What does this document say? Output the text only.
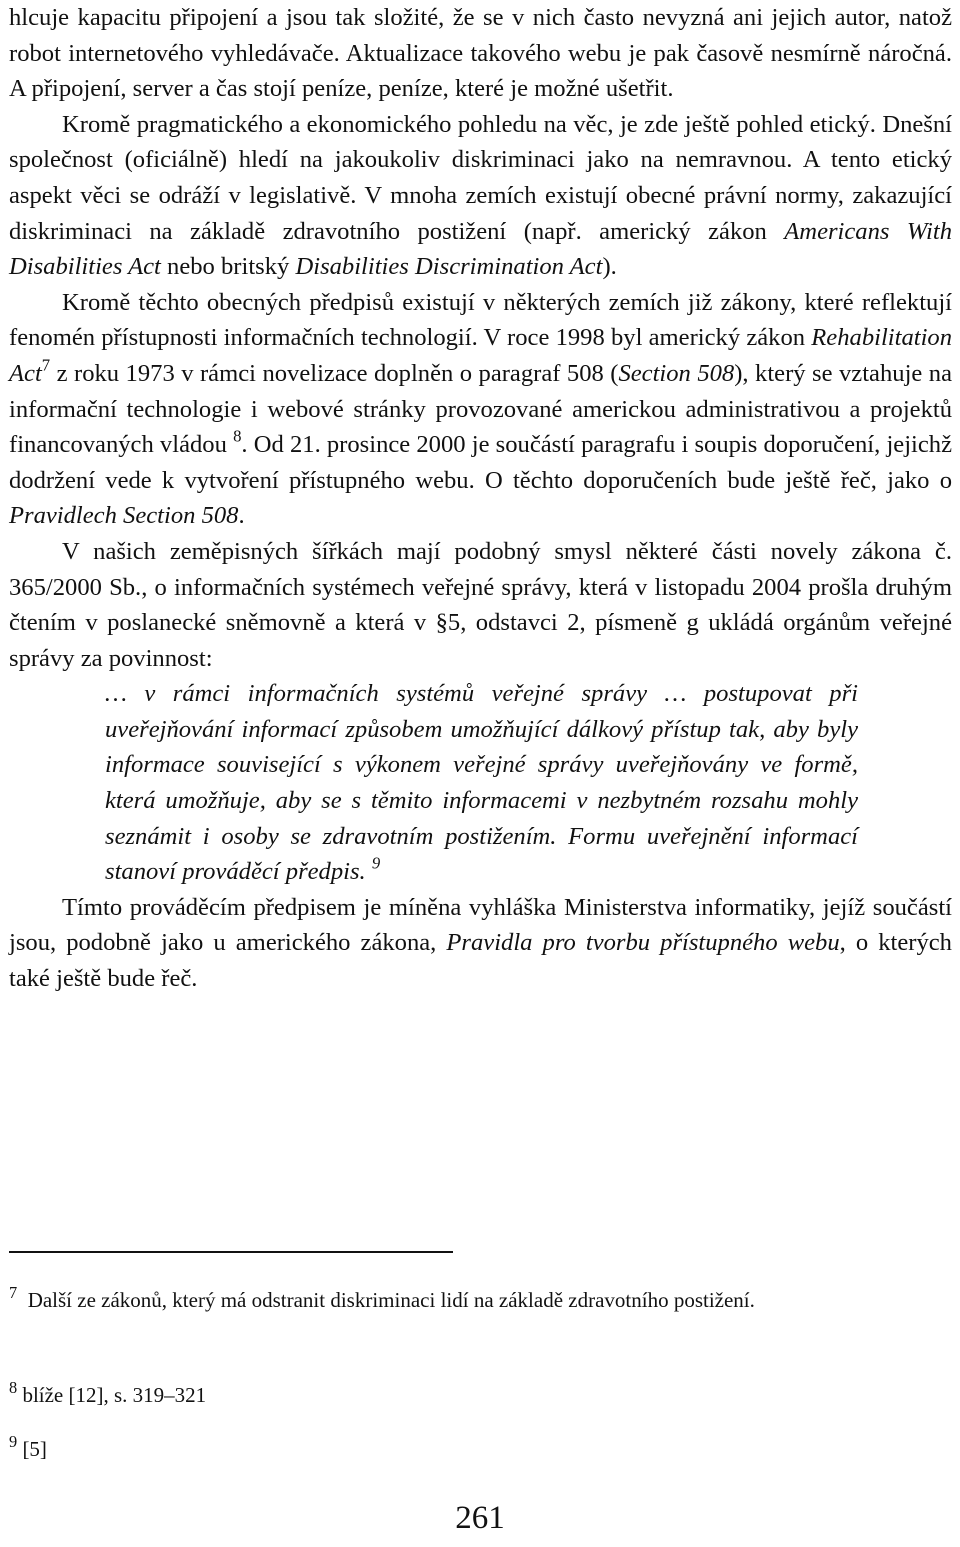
hlcuje kapacitu připojení a jsou tak složité, že se v nich často nevyzná ani jejich autor, natož robot internetového vyhledávače. Aktualizace takového webu je pak časově nesmírně náročná. A připojení, server a čas stojí peníze, peníze, které je možné ušetřit.

Kromě pragmatického a ekonomického pohledu na věc, je zde ještě pohled etický. Dnešní společnost (oficiálně) hledí na jakoukoliv diskriminaci jako na nemravnou. A tento etický aspekt věci se odráží v legislativě. V mnoha zemích existují obecné právní normy, zakazující diskriminaci na základě zdravotního postižení (např. americký zákon Americans With Disabilities Act nebo britský Disabilities Discrimination Act).

Kromě těchto obecných předpisů existují v některých zemích již zákony, které reflektují fenomén přístupnosti informačních technologií. V roce 1998 byl americký zákon Rehabilitation Act$^7$ z roku 1973 v rámci novelizace doplněn o paragraf 508 (Section 508), který se vztahuje na informační technologie i webové stránky provozované americkou administrativou a projektů financovaných vládou $^8$. Od 21. prosince 2000 je součástí paragrafu i soupis doporučení, jejichž dodržení vede k vytvoření přístupného webu. O těchto doporučeních bude ještě řeč, jako o Pravidlech Section 508.

V našich zeměpisných šířkách mají podobný smysl některé části novely zákona č. 365/2000 Sb., o informačních systémech veřejné správy, která v listopadu 2004 prošla druhým čtením v poslanecké sněmovně a která v §5, odstavci 2, písmeně g ukládá orgánům veřejné správy za povinnost:

… v rámci informačních systémů veřejné správy … postupovat při uveřejňování informací způsobem umožňující dálkový přístup tak, aby byly informace související s výkonem veřejné správy uveřejňovány ve formě, která umožňuje, aby se s těmito informacemi v nezbytném rozsahu mohly seznámit i osoby se zdravotním postižením. Formu uveřejnění informací stanoví prováděcí předpis. $^9$

Tímto prováděcím předpisem je míněna vyhláška Ministerstva informatiky, jejíž součástí jsou, podobně jako u amerického zákona, Pravidla pro tvorbu přístupného webu, o kterých také ještě bude řeč.

$^7$ Další ze zákonů, který má odstranit diskriminaci lidí na základě zdravotního postižení.
$^8$ blíže [12], s. 319–321
$^9$ [5]
261
